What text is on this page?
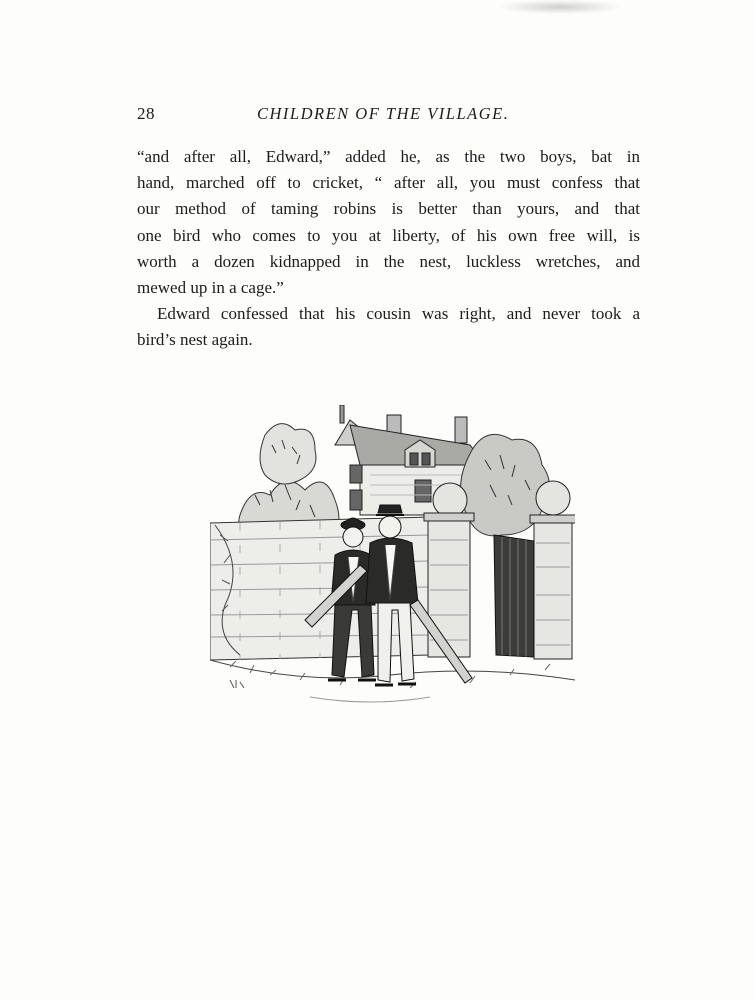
28	CHILDREN OF THE VILLAGE.
“and after all, Edward,” added he, as the two boys, bat in
hand, marched off to cricket, “ after all, you must confess that
our method of taming robins is better than yours, and that
one bird who comes to you at liberty, of his own free will, is
worth a dozen kidnapped in the nest, luckless wretches, and
mewed up in a cage.”
Edward confessed that his cousin was right, and never took a
bird’s nest again.
